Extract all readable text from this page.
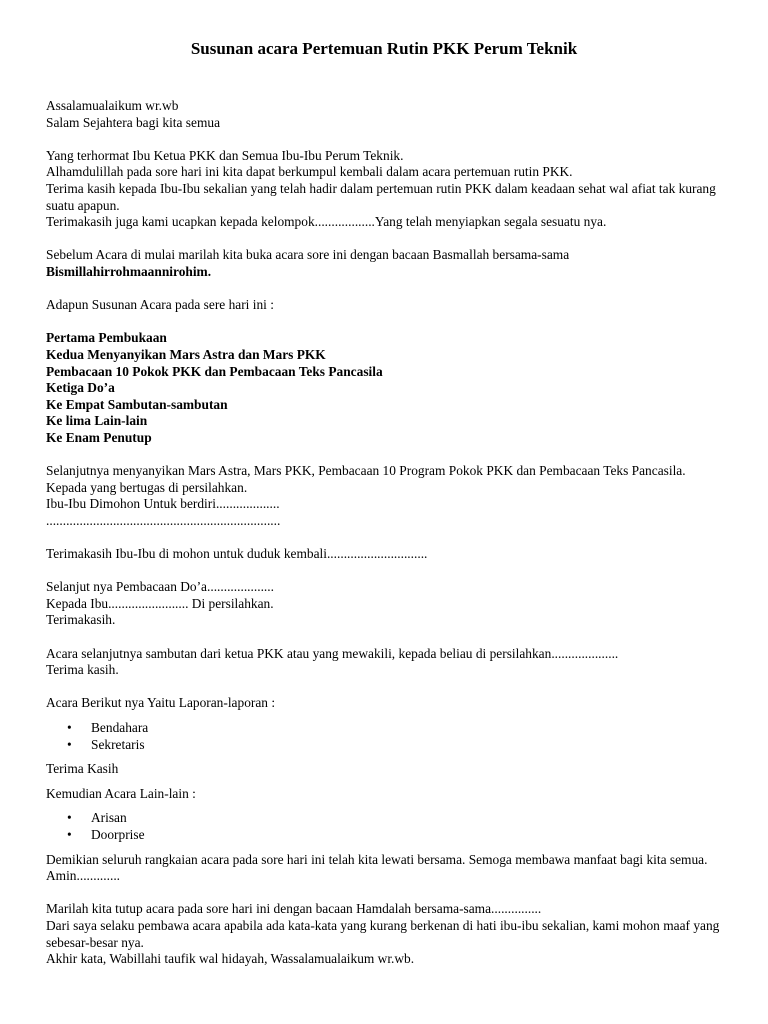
Susunan acara Pertemuan Rutin PKK Perum Teknik

Assalamualaikum wr.wb
Salam Sejahtera bagi kita semua

Yang terhormat Ibu Ketua PKK dan Semua Ibu-Ibu Perum Teknik.
Alhamdulillah pada sore hari ini kita dapat berkumpul kembali dalam acara pertemuan rutin PKK.
Terima kasih kepada Ibu-Ibu sekalian yang telah hadir dalam pertemuan rutin PKK dalam keadaan sehat wal afiat tak kurang suatu apapun.
Terimakasih juga kami ucapkan kepada kelompok..................Yang telah menyiapkan segala sesuatu nya.

Sebelum Acara di mulai marilah kita buka acara sore ini dengan bacaan Basmallah bersama-sama
Bismillahirrohmaannirohim.

Adapun Susunan Acara pada sere hari ini :

Pertama Pembukaan
Kedua Menyanyikan Mars Astra dan Mars PKK
Pembacaan 10 Pokok PKK dan Pembacaan Teks Pancasila
Ketiga Do’a
Ke Empat Sambutan-sambutan
Ke lima Lain-lain
Ke Enam Penutup

Selanjutnya menyanyikan Mars Astra, Mars PKK, Pembacaan 10 Program Pokok PKK dan Pembacaan Teks Pancasila.
Kepada yang bertugas di persilahkan.
Ibu-Ibu Dimohon Untuk berdiri...................
......................................................................

Terimakasih Ibu-Ibu di mohon untuk duduk kembali..............................

Selanjut nya Pembacaan Do’a....................
Kepada Ibu........................ Di persilahkan.
Terimakasih.

Acara selanjutnya sambutan dari ketua PKK atau yang mewakili, kepada beliau di persilahkan....................
Terima kasih.

Acara Berikut nya Yaitu Laporan-laporan :

• Bendahara
• Sekretaris

Terima Kasih

Kemudian Acara Lain-lain :

• Arisan
• Doorprise

Demikian seluruh rangkaian acara pada sore hari ini telah kita lewati bersama. Semoga membawa manfaat bagi kita semua. Amin.............

Marilah kita tutup acara pada sore hari ini dengan bacaan Hamdalah bersama-sama...............
Dari saya selaku pembawa acara apabila ada kata-kata yang kurang berkenan di hati ibu-ibu sekalian, kami mohon maaf yang sebesar-besar nya.
Akhir kata, Wabillahi taufik wal hidayah, Wassalamualaikum wr.wb.
